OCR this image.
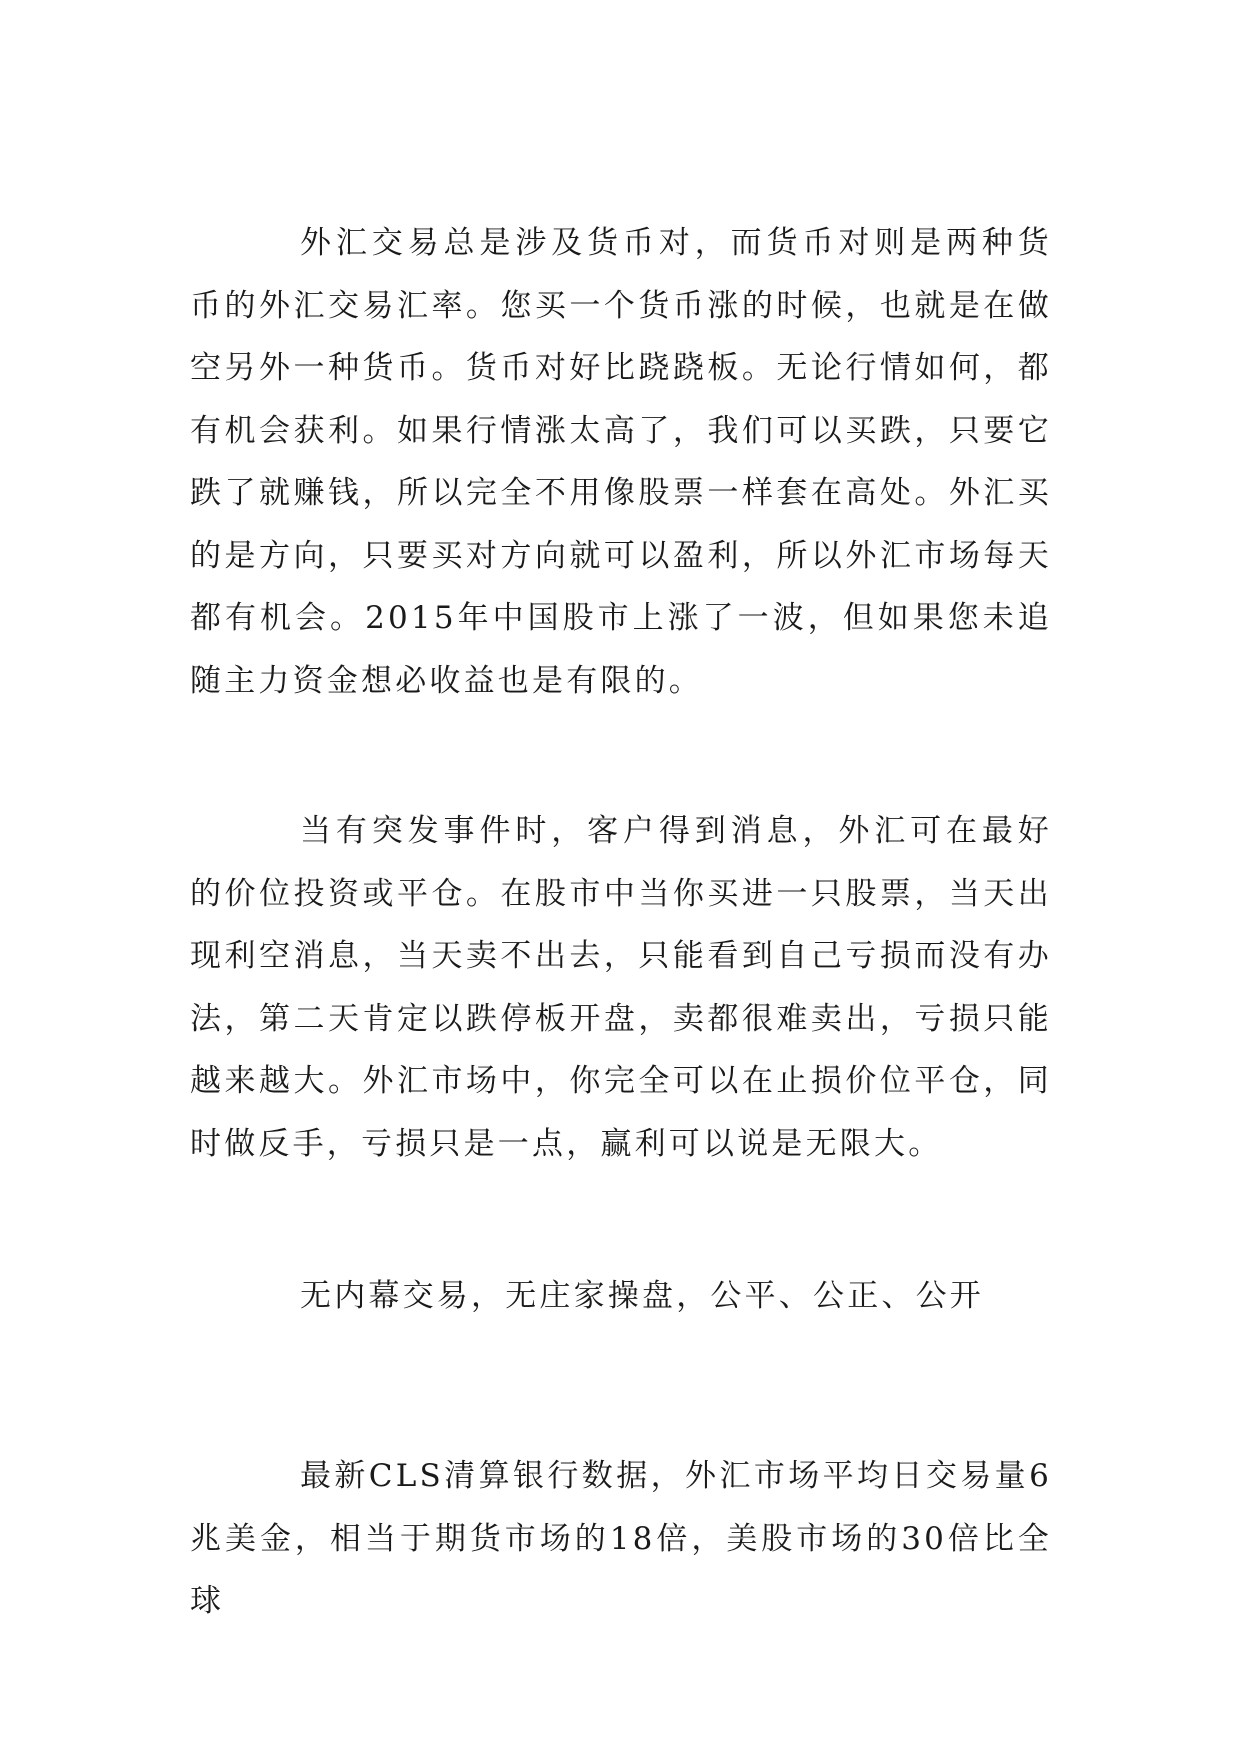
外汇交易总是涉及货币对，而货币对则是两种货币的外汇交易汇率。您买一个货币涨的时候，也就是在做空另外一种货币。货币对好比跷跷板。无论行情如何，都有机会获利。如果行情涨太高了，我们可以买跌，只要它跌了就赚钱，所以完全不用像股票一样套在高处。外汇买的是方向，只要买对方向就可以盈利，所以外汇市场每天都有机会。2015年中国股市上涨了一波，但如果您未追随主力资金想必收益也是有限的。

当有突发事件时，客户得到消息，外汇可在最好的价位投资或平仓。在股市中当你买进一只股票，当天出现利空消息，当天卖不出去，只能看到自己亏损而没有办法，第二天肯定以跌停板开盘，卖都很难卖出，亏损只能越来越大。外汇市场中，你完全可以在止损价位平仓，同时做反手，亏损只是一点，赢利可以说是无限大。

无内幕交易，无庄家操盘，公平、公正、公开

最新CLS清算银行数据，外汇市场平均日交易量6兆美金，相当于期货市场的18倍，美股市场的30倍比全球
